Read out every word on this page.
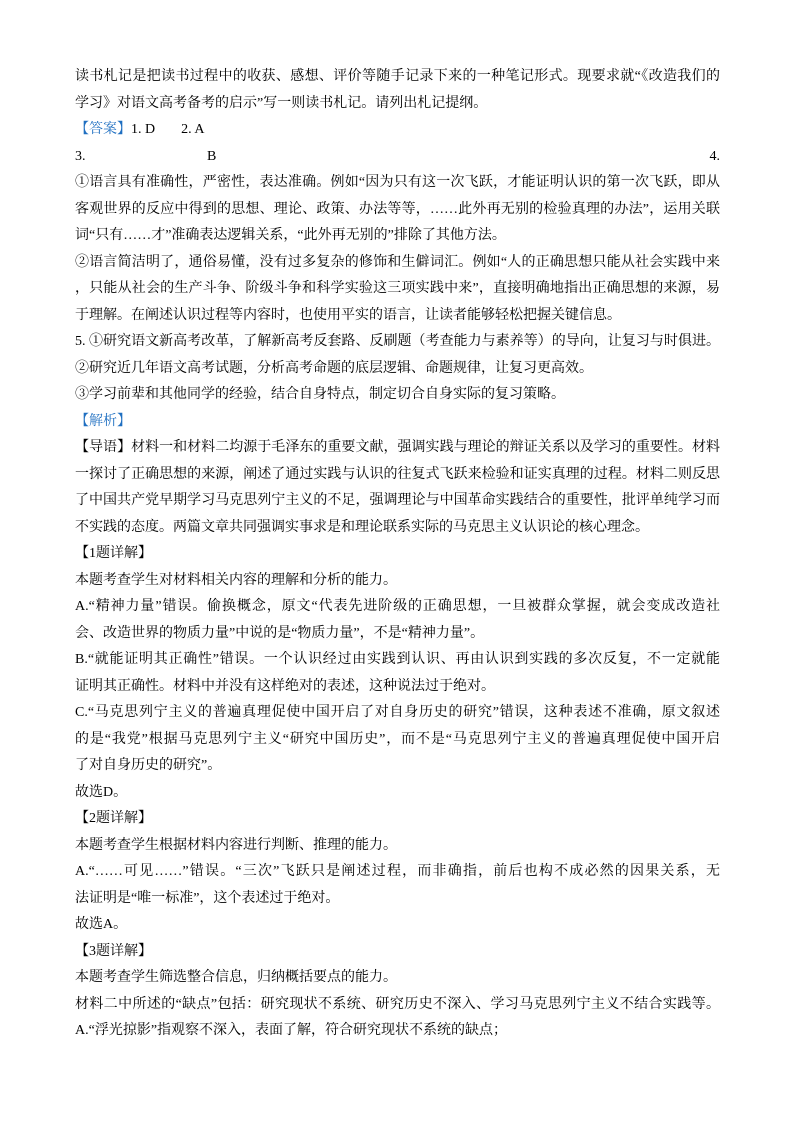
读书札记是把读书过程中的收获、感想、评价等随手记录下来的一种笔记形式。现要求就“《改造我们的
学习》对语文高考备考的启示”写一则读书札记。请列出札记提纲。
【答案】1. D 2. A
3.	B	4.
①语言具有准确性，严密性，表达准确。例如“因为只有这一次飞跃，才能证明认识的第一次飞跃，即从
客观世界的反应中得到的思想、理论、政策、办法等等，……此外再无别的检验真理的办法”，运用关联
词“只有……才”准确表达逻辑关系，“此外再无别的”排除了其他方法。
②语言简洁明了，通俗易懂，没有过多复杂的修饰和生僻词汇。例如“人的正确思想只能从社会实践中来
，只能从社会的生产斗争、阶级斗争和科学实验这三项实践中来”，直接明确地指出正确思想的来源，易
于理解。在阐述认识过程等内容时，也使用平实的语言，让读者能够轻松把握关键信息。
5. ①研究语文新高考改革，了解新高考反套路、反刷题（考查能力与素养等）的导向，让复习与时俱进。
②研究近几年语文高考试题，分析高考命题的底层逻辑、命题规律，让复习更高效。
③学习前辈和其他同学的经验，结合自身特点，制定切合自身实际的复习策略。
【解析】
【导语】材料一和材料二均源于毛泽东的重要文献，强调实践与理论的辩证关系以及学习的重要性。材料
一探讨了正确思想的来源，阐述了通过实践与认识的往复式飞跃来检验和证实真理的过程。材料二则反思
了中国共产党早期学习马克思列宁主义的不足，强调理论与中国革命实践结合的重要性，批评单纯学习而
不实践的态度。两篇文章共同强调实事求是和理论联系实际的马克思主义认识论的核心理念。
【1题详解】
本题考查学生对材料相关内容的理解和分析的能力。
A.“精神力量”错误。偷换概念，原文“代表先进阶级的正确思想，一旦被群众掌握，就会变成改造社
会、改造世界的物质力量”中说的是“物质力量”，不是“精神力量”。
B.“就能证明其正确性”错误。一个认识经过由实践到认识、再由认识到实践的多次反复，不一定就能
证明其正确性。材料中并没有这样绝对的表述，这种说法过于绝对。
C.“马克思列宁主义的普遍真理促使中国开启了对自身历史的研究”错误，这种表述不准确，原文叙述
的是“我党”根据马克思列宁主义“研究中国历史”，而不是“马克思列宁主义的普遍真理促使中国开启
了对自身历史的研究”。
故选D。
【2题详解】
本题考查学生根据材料内容进行判断、推理的能力。
A.“……可见……”错误。“三次”飞跃只是阐述过程，而非确指，前后也构不成必然的因果关系，无
法证明是“唯一标准”，这个表述过于绝对。
故选A。
【3题详解】
本题考查学生筛选整合信息，归纳概括要点的能力。
材料二中所述的“缺点”包括：研究现状不系统、研究历史不深入、学习马克思列宁主义不结合实践等。
A.“浮光掠影”指观察不深入，表面了解，符合研究现状不系统的缺点；
